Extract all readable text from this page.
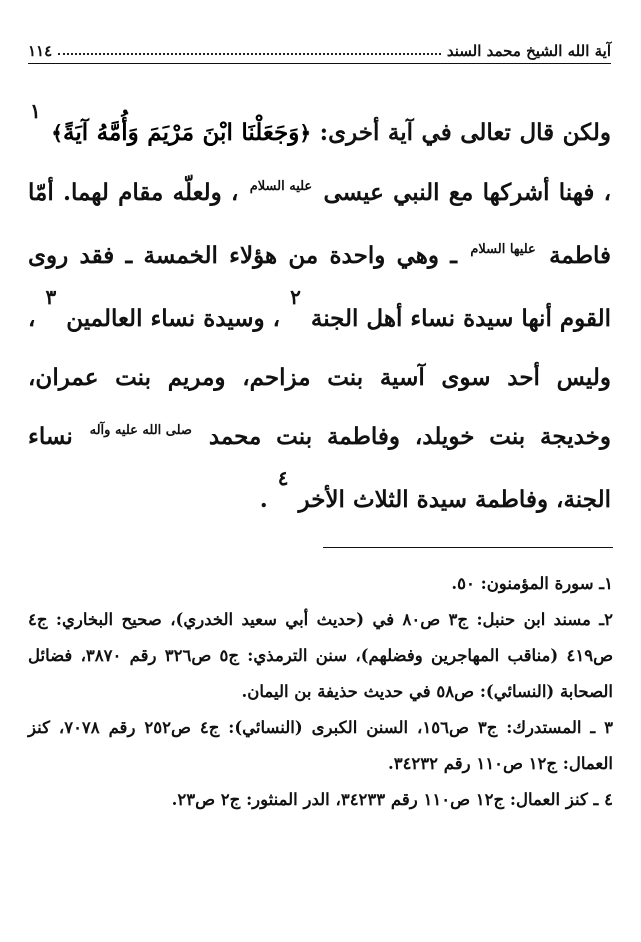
آية الله الشيخ محمد السند
١١٤
ولكن قال تعالى في آية أخرى: ﴿وَجَعَلْنَا ابْنَ مَرْيَمَ وَأُمَّهُ آيَةً﴾ ١ ، فهنا أشركها مع النبي عيسى عليه السلام ، ولعلّه مقام لهما. أمّا فاطمة عليها السلام ـ وهي واحدة من هؤلاء الخمسة ـ فقد روى القوم أنها سيدة نساء أهل الجنة ٢ ، وسيدة نساء العالمين ٣ ، وليس أحد سوى آسية بنت مزاحم، ومريم بنت عمران، وخديجة بنت خويلد، وفاطمة بنت محمد صلى الله عليه وآله نساء الجنة، وفاطمة سيدة الثلاث الأخر ٤ .

١ـ سورة المؤمنون: ٥٠.

٢ـ مسند ابن حنبل: ج٣ ص٨٠ في (حديث أبي سعيد الخدري)، صحيح البخاري: ج٤ ص٤١٩ (مناقب المهاجرين وفضلهم)، سنن الترمذي: ج٥ ص٣٢٦ رقم ٣٨٧٠، فضائل الصحابة (النسائي): ص٥٨ في حديث حذيفة بن اليمان.

٣ ـ المستدرك: ج٣ ص١٥٦، السنن الكبرى (النسائي): ج٤ ص٢٥٢ رقم ٧٠٧٨، كنز العمال: ج١٢ ص١١٠ رقم ٣٤٢٣٢.

٤ ـ كنز العمال: ج١٢ ص١١٠ رقم ٣٤٢٣٣، الدر المنثور: ج٢ ص٢٣.
